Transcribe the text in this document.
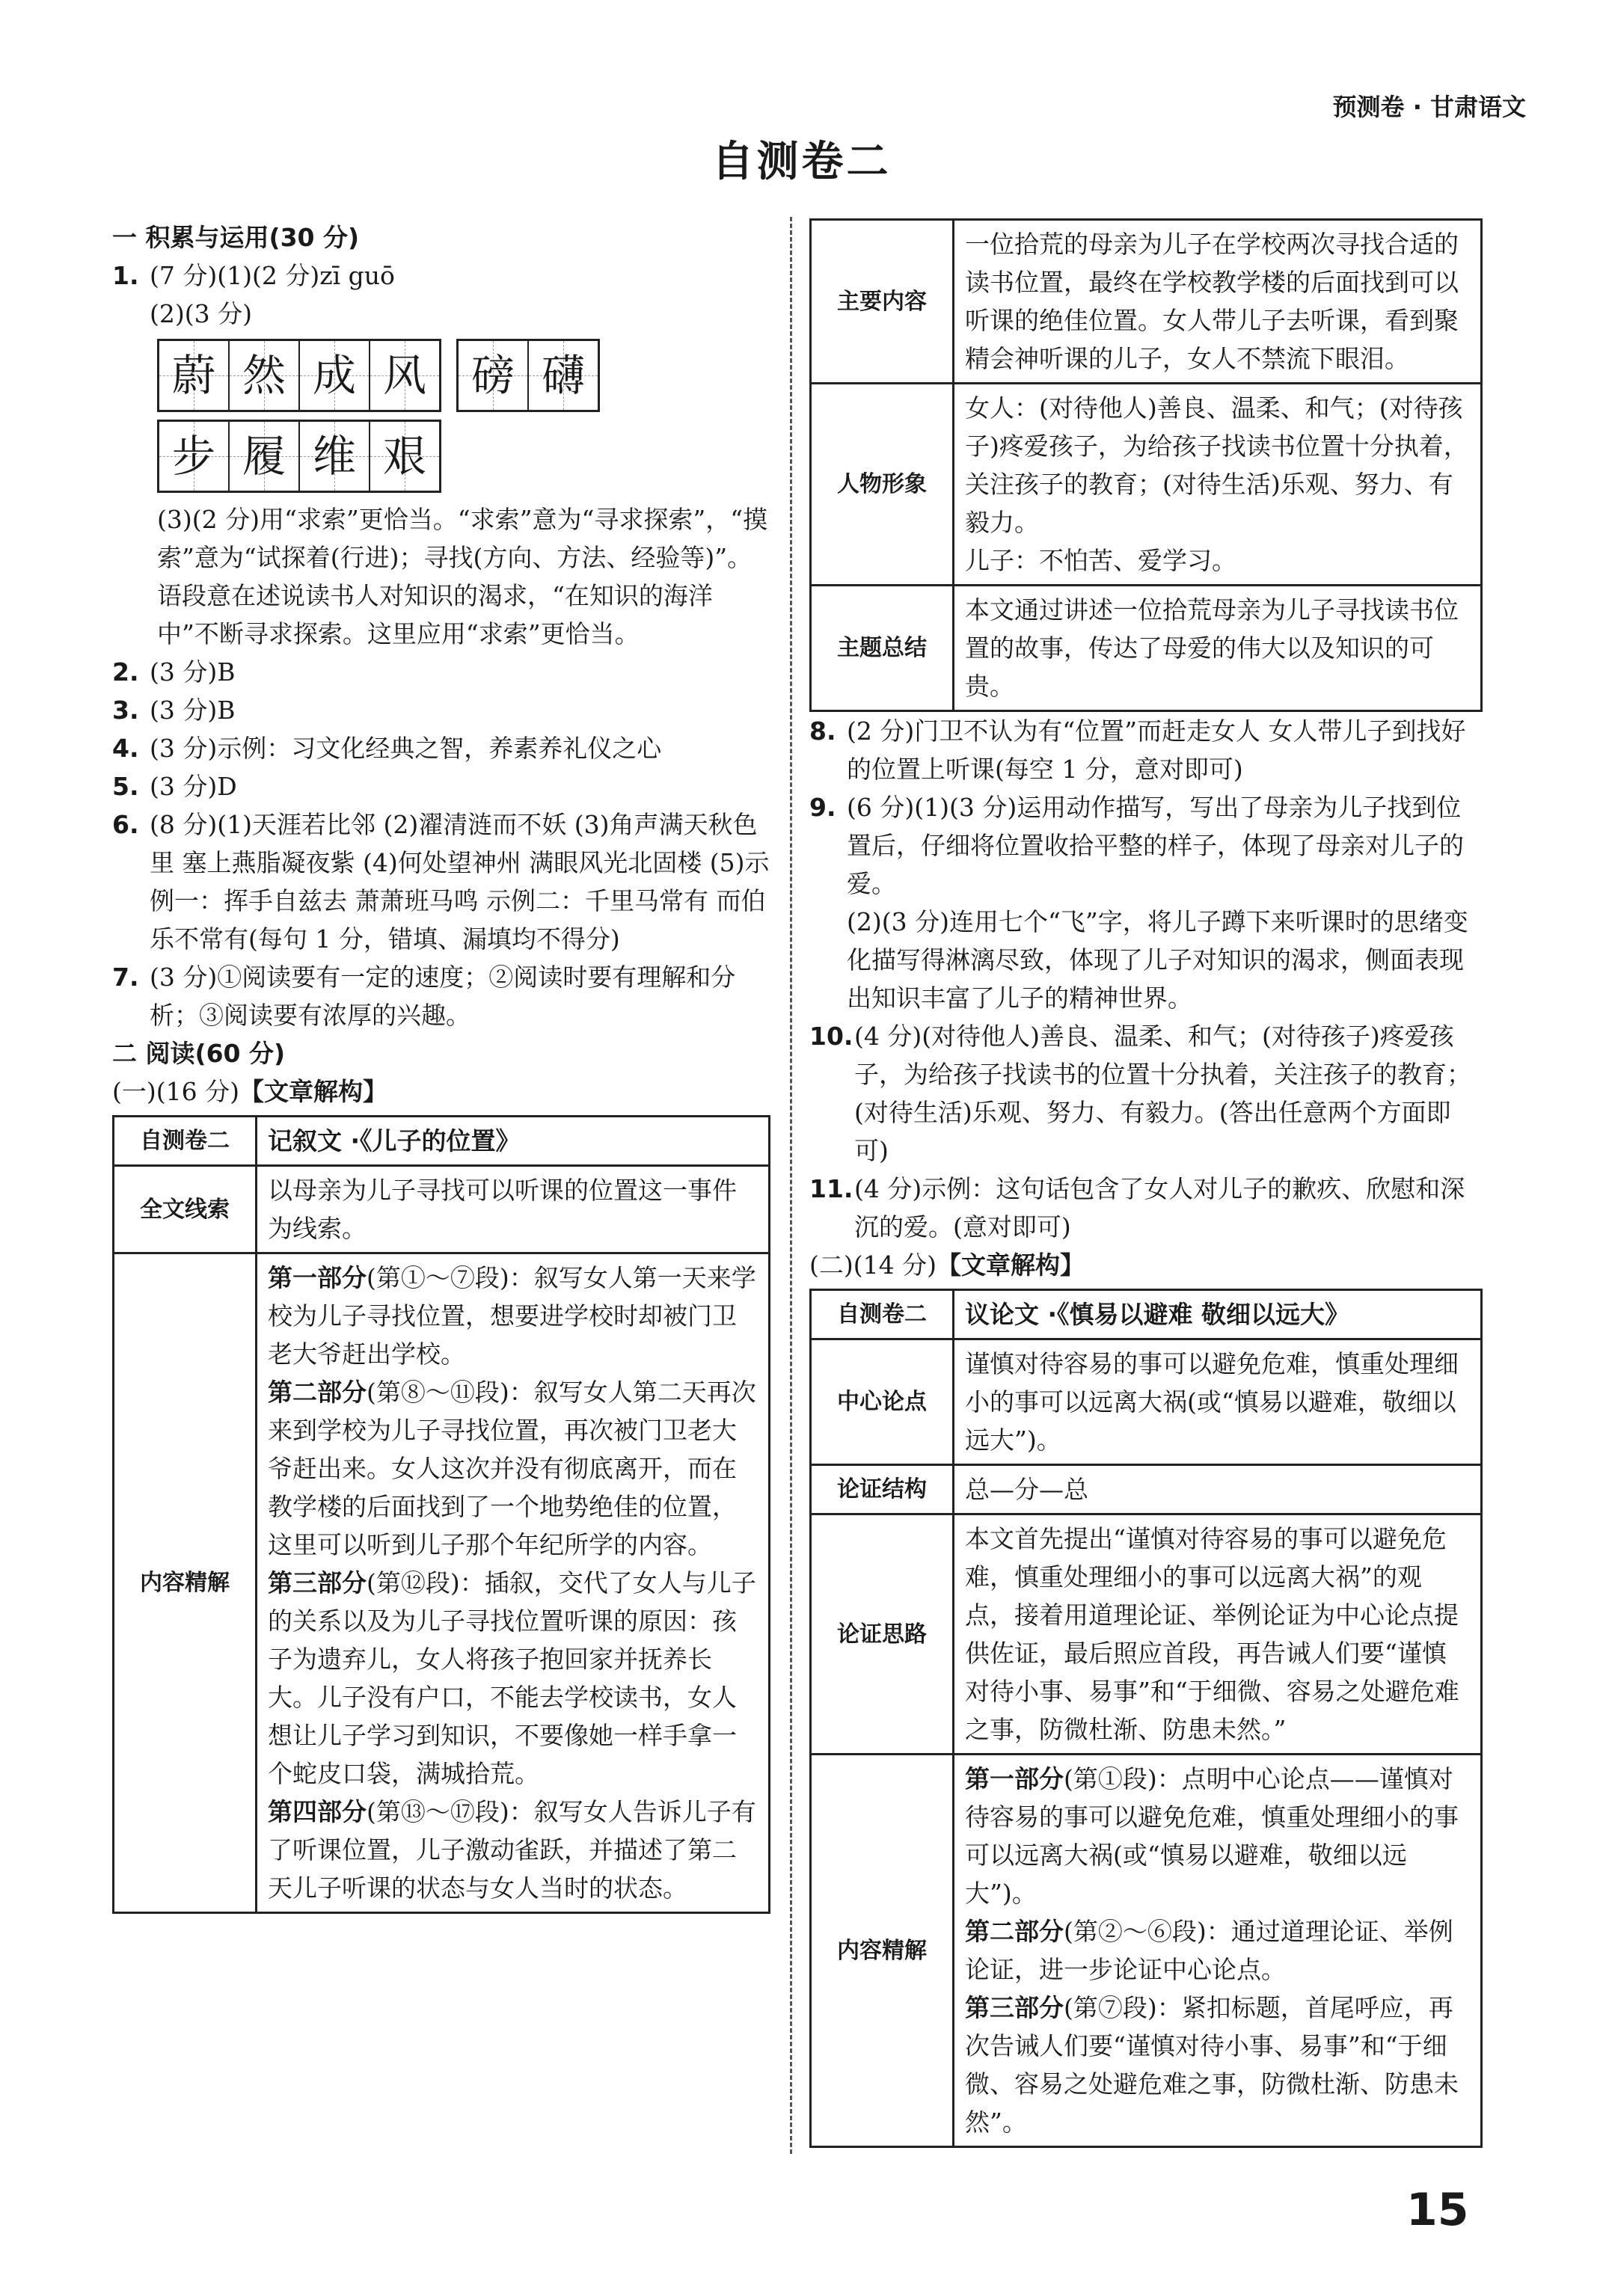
预测卷 · 甘肃语文
自测卷二
一 积累与运用(30 分)
1. (7 分)(1)(2 分)zī guō
(2)(3 分)
蔚 然 成 风 磅 礴
步 履 维 艰
(3)(2 分)用“求索”更恰当。“求索”意为“寻求探索”，“摸索”意为“试探着(行进)；寻找(方向、方法、经验等)”。语段意在述说读书人对知识的渴求，“在知识的海洋中”不断寻求探索。这里应用“求索”更恰当。
2. (3 分)B
3. (3 分)B
4. (3 分)示例：习文化经典之智，养素养礼仪之心
5. (3 分)D
6. (8 分)(1)天涯若比邻 (2)濯清涟而不妖 (3)角声满天秋色里 塞上燕脂凝夜紫 (4)何处望神州 满眼风光北固楼 (5)示例一：挥手自兹去 萧萧班马鸣 示例二：千里马常有 而伯乐不常有(每句 1 分，错填、漏填均不得分)
7. (3 分)①阅读要有一定的速度；②阅读时要有理解和分析；③阅读要有浓厚的兴趣。
二 阅读(60 分)
(一)(16 分)【文章解构】
自测卷二	记叙文 ·《儿子的位置》
全文线索	以母亲为儿子寻找可以听课的位置这一事件为线索。
内容精解	第一部分(第①～⑦段)：叙写女人第一天来学校为儿子寻找位置，想要进学校时却被门卫老大爷赶出学校。
第二部分(第⑧～⑪段)：叙写女人第二天再次来到学校为儿子寻找位置，再次被门卫老大爷赶出来。女人这次并没有彻底离开，而在教学楼的后面找到了一个地势绝佳的位置，这里可以听到儿子那个年纪所学的内容。
第三部分(第⑫段)：插叙，交代了女人与儿子的关系以及为儿子寻找位置听课的原因：孩子为遗弃儿，女人将孩子抱回家并抚养长大。儿子没有户口，不能去学校读书，女人想让儿子学习到知识，不要像她一样手拿一个蛇皮口袋，满城拾荒。
第四部分(第⑬～⑰段)：叙写女人告诉儿子有了听课位置，儿子激动雀跃，并描述了第二天儿子听课的状态与女人当时的状态。
主要内容	一位拾荒的母亲为儿子在学校两次寻找合适的读书位置，最终在学校教学楼的后面找到可以听课的绝佳位置。女人带儿子去听课，看到聚精会神听课的儿子，女人不禁流下眼泪。
人物形象	女人：(对待他人)善良、温柔、和气；(对待孩子)疼爱孩子，为给孩子找读书位置十分执着，关注孩子的教育；(对待生活)乐观、努力、有毅力。
儿子：不怕苦、爱学习。

主题总结	本文通过讲述一位拾荒母亲为儿子寻找读书位置的故事，传达了母爱的伟大以及知识的可贵。
8. (2 分)门卫不认为有“位置”而赶走女人 女人带儿子到找好的位置上听课(每空 1 分，意对即可)
9. (6 分)(1)(3 分)运用动作描写，写出了母亲为儿子找到位置后，仔细将位置收拾平整的样子，体现了母亲对儿子的爱。
(2)(3 分)连用七个“飞”字，将儿子蹲下来听课时的思绪变化描写得淋漓尽致，体现了儿子对知识的渴求，侧面表现出知识丰富了儿子的精神世界。
10. (4 分)(对待他人)善良、温柔、和气；(对待孩子)疼爱孩子，为给孩子找读书的位置十分执着，关注孩子的教育；(对待生活)乐观、努力、有毅力。(答出任意两个方面即可)
11. (4 分)示例：这句话包含了女人对儿子的歉疚、欣慰和深沉的爱。(意对即可)
(二)(14 分)【文章解构】
自测卷二	议论文 ·《慎易以避难 敬细以远大》
中心论点	谨慎对待容易的事可以避免危难，慎重处理细小的事可以远离大祸(或“慎易以避难，敬细以远大”)。
论证结构	总—分—总
论证思路	本文首先提出“谨慎对待容易的事可以避免危难，慎重处理细小的事可以远离大祸”的观点，接着用道理论证、举例论证为中心论点提供佐证，最后照应首段，再告诫人们要“谨慎对待小事、易事”和“于细微、容易之处避危难之事，防微杜渐、防患未然。”
内容精解	第一部分(第①段)：点明中心论点——谨慎对待容易的事可以避免危难，慎重处理细小的事可以远离大祸(或“慎易以避难，敬细以远大”)。
第二部分(第②～⑥段)：通过道理论证、举例论证，进一步论证中心论点。
第三部分(第⑦段)：紧扣标题，首尾呼应，再次告诫人们要“谨慎对待小事、易事”和“于细微、容易之处避危难之事，防微杜渐、防患未然”。
15
